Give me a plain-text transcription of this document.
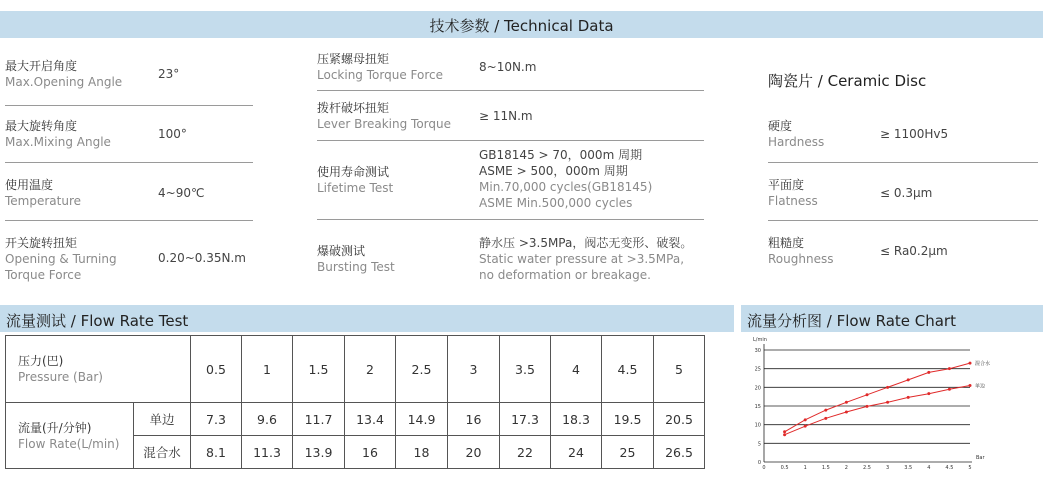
技术参数 / Technical Data
最大开启角度
Max.Opening Angle
23°
最大旋转角度
Max.Mixing Angle
100°
使用温度
Temperature
4~90℃
开关旋转扭矩
Opening & Turning
Torque Force
0.20~0.35N.m
压紧螺母扭矩
Locking Torque Force
8~10N.m
拨杆破坏扭矩
Lever Breaking Torque
≥ 11N.m
使用寿命测试
Lifetime Test
GB18145 > 70，000m 周期
ASME > 500，000m 周期
Min.70,000 cycles(GB18145)
ASME Min.500,000 cycles
爆破测试
Bursting Test
静水压 >3.5MPa，阀芯无变形、破裂。
Static water pressure at >3.5MPa,
no deformation or breakage.
陶瓷片 / Ceramic Disc
硬度
Hardness
≥ 1100Hv5
平面度
Flatness
≤ 0.3μm
粗糙度
Roughness
≤ Ra0.2μm
流量测试 / Flow Rate Test	流量分析图 / Flow Rate Chart
压力(巴)
Pressure (Bar)		0.5	1	1.5	2	2.5	3	3.5	4	4.5	5

流量(升/分钟)
Flow Rate(L/min)	单边	7.3	9.6	11.7	13.4	14.9	16	17.3	18.3	19.5	20.5
	混合水	8.1	11.3	13.9	16	18	20	22	24	25	26.5
0
5
10
15
20
25
30
0	0.5	1	1.5	2	2.5	3	3.5	4	4.5	5
L/min
Bar
混合水
单边
